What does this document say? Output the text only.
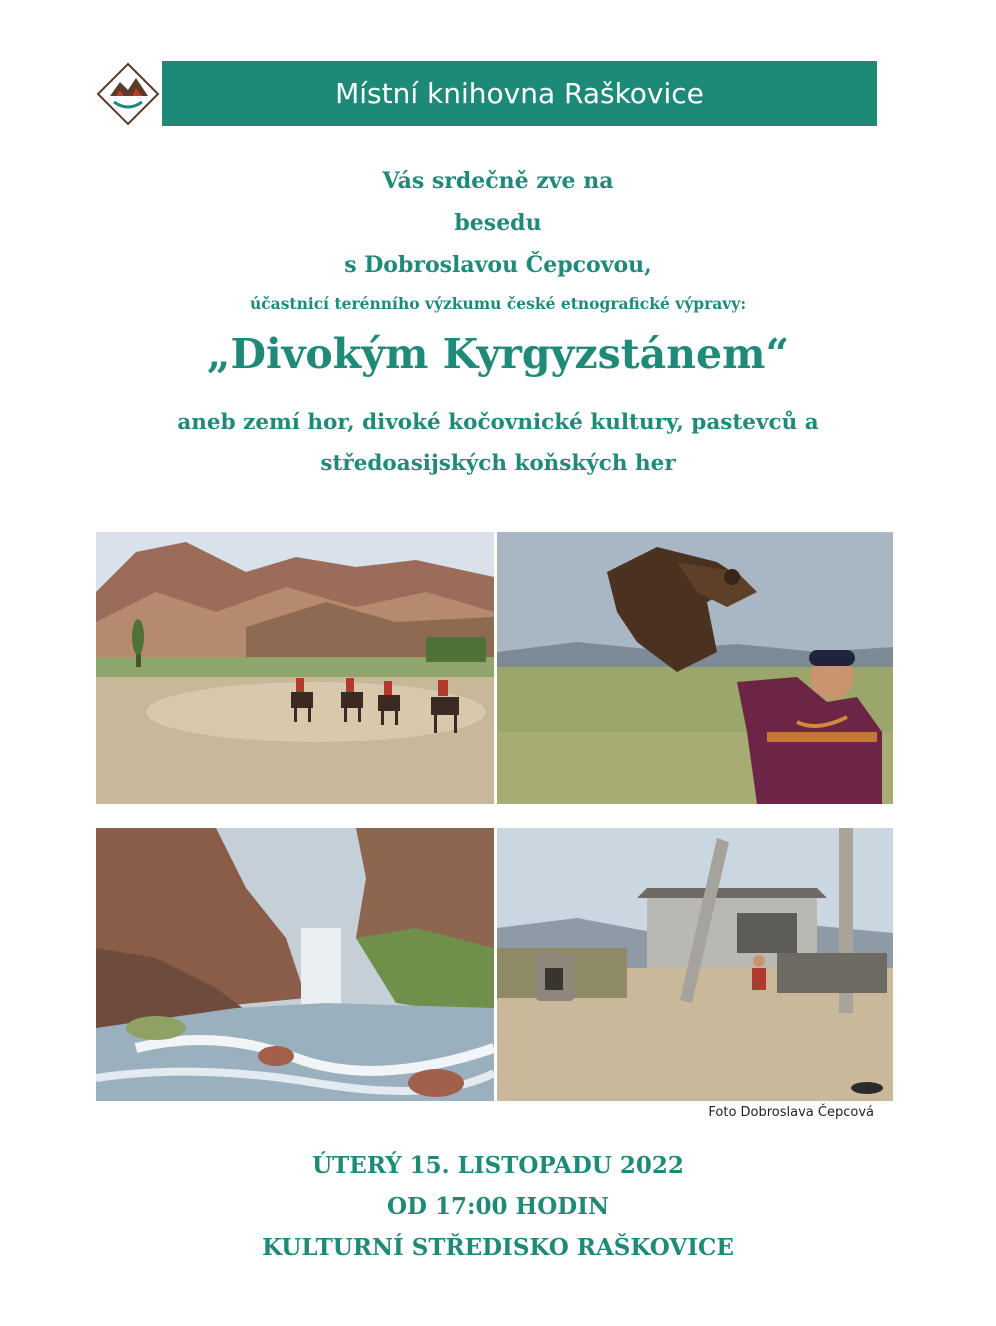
Místní knihovna Raškovice
Vás srdečně zve na
besedu
s Dobroslavou Čepcovou,
účastnicí terénního výzkumu české etnografické výpravy:
„Divokým Kyrgyzstánem“
aneb zemí hor, divoké kočovnické kultury, pastevců a
středoasijských koňských her
Foto Dobroslava Čepcová
ÚTERÝ 15. LISTOPADU 2022
OD 17:00 HODIN
KULTURNÍ STŘEDISKO RAŠKOVICE
